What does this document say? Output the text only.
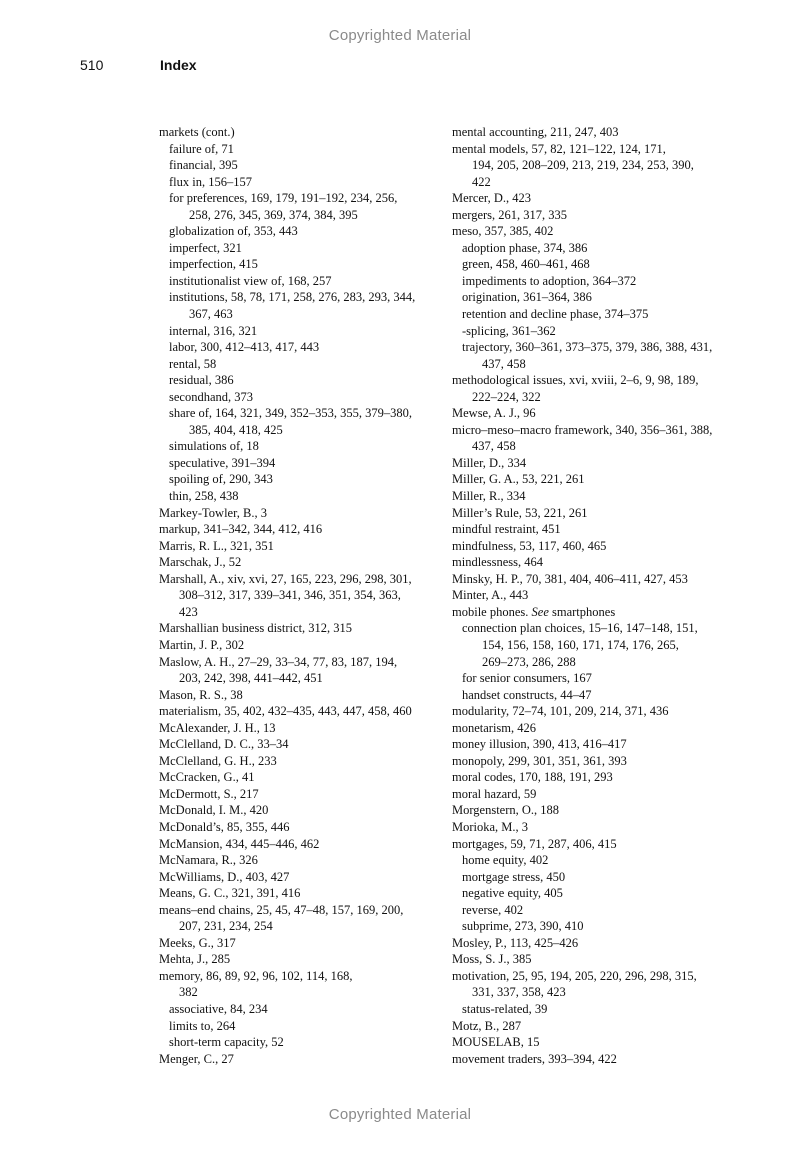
Copyrighted Material
510	Index
markets (cont.)
failure of, 71
financial, 395
flux in, 156–157
for preferences, 169, 179, 191–192, 234, 256,
258, 276, 345, 369, 374, 384, 395
globalization of, 353, 443
imperfect, 321
imperfection, 415
institutionalist view of, 168, 257
institutions, 58, 78, 171, 258, 276, 283, 293, 344,
367, 463
internal, 316, 321
labor, 300, 412–413, 417, 443
rental, 58
residual, 386
secondhand, 373
share of, 164, 321, 349, 352–353, 355, 379–380,
385, 404, 418, 425
simulations of, 18
speculative, 391–394
spoiling of, 290, 343
thin, 258, 438
Markey-Towler, B., 3
markup, 341–342, 344, 412, 416
Marris, R. L., 321, 351
Marschak, J., 52
Marshall, A., xiv, xvi, 27, 165, 223, 296, 298, 301,
308–312, 317, 339–341, 346, 351, 354, 363,
423
Marshallian business district, 312, 315
Martin, J. P., 302
Maslow, A. H., 27–29, 33–34, 77, 83, 187, 194,
203, 242, 398, 441–442, 451
Mason, R. S., 38
materialism, 35, 402, 432–435, 443, 447, 458, 460
McAlexander, J. H., 13
McClelland, D. C., 33–34
McClelland, G. H., 233
McCracken, G., 41
McDermott, S., 217
McDonald, I. M., 420
McDonald’s, 85, 355, 446
McMansion, 434, 445–446, 462
McNamara, R., 326
McWilliams, D., 403, 427
Means, G. C., 321, 391, 416
means–end chains, 25, 45, 47–48, 157, 169, 200,
207, 231, 234, 254
Meeks, G., 317
Mehta, J., 285
memory, 86, 89, 92, 96, 102, 114, 168,
382
associative, 84, 234
limits to, 264
short-term capacity, 52
Menger, C., 27
mental accounting, 211, 247, 403
mental models, 57, 82, 121–122, 124, 171,
194, 205, 208–209, 213, 219, 234, 253, 390,
422
Mercer, D., 423
mergers, 261, 317, 335
meso, 357, 385, 402
adoption phase, 374, 386
green, 458, 460–461, 468
impediments to adoption, 364–372
origination, 361–364, 386
retention and decline phase, 374–375
-splicing, 361–362
trajectory, 360–361, 373–375, 379, 386, 388, 431,
437, 458
methodological issues, xvi, xviii, 2–6, 9, 98, 189,
222–224, 322
Mewse, A. J., 96
micro–meso–macro framework, 340, 356–361, 388,
437, 458
Miller, D., 334
Miller, G. A., 53, 221, 261
Miller, R., 334
Miller’s Rule, 53, 221, 261
mindful restraint, 451
mindfulness, 53, 117, 460, 465
mindlessness, 464
Minsky, H. P., 70, 381, 404, 406–411, 427, 453
Minter, A., 443
mobile phones. See smartphones
connection plan choices, 15–16, 147–148, 151,
154, 156, 158, 160, 171, 174, 176, 265,
269–273, 286, 288
for senior consumers, 167
handset constructs, 44–47
modularity, 72–74, 101, 209, 214, 371, 436
monetarism, 426
money illusion, 390, 413, 416–417
monopoly, 299, 301, 351, 361, 393
moral codes, 170, 188, 191, 293
moral hazard, 59
Morgenstern, O., 188
Morioka, M., 3
mortgages, 59, 71, 287, 406, 415
home equity, 402
mortgage stress, 450
negative equity, 405
reverse, 402
subprime, 273, 390, 410
Mosley, P., 113, 425–426
Moss, S. J., 385
motivation, 25, 95, 194, 205, 220, 296, 298, 315,
331, 337, 358, 423
status-related, 39
Motz, B., 287
MOUSELAB, 15
movement traders, 393–394, 422
Copyrighted Material
